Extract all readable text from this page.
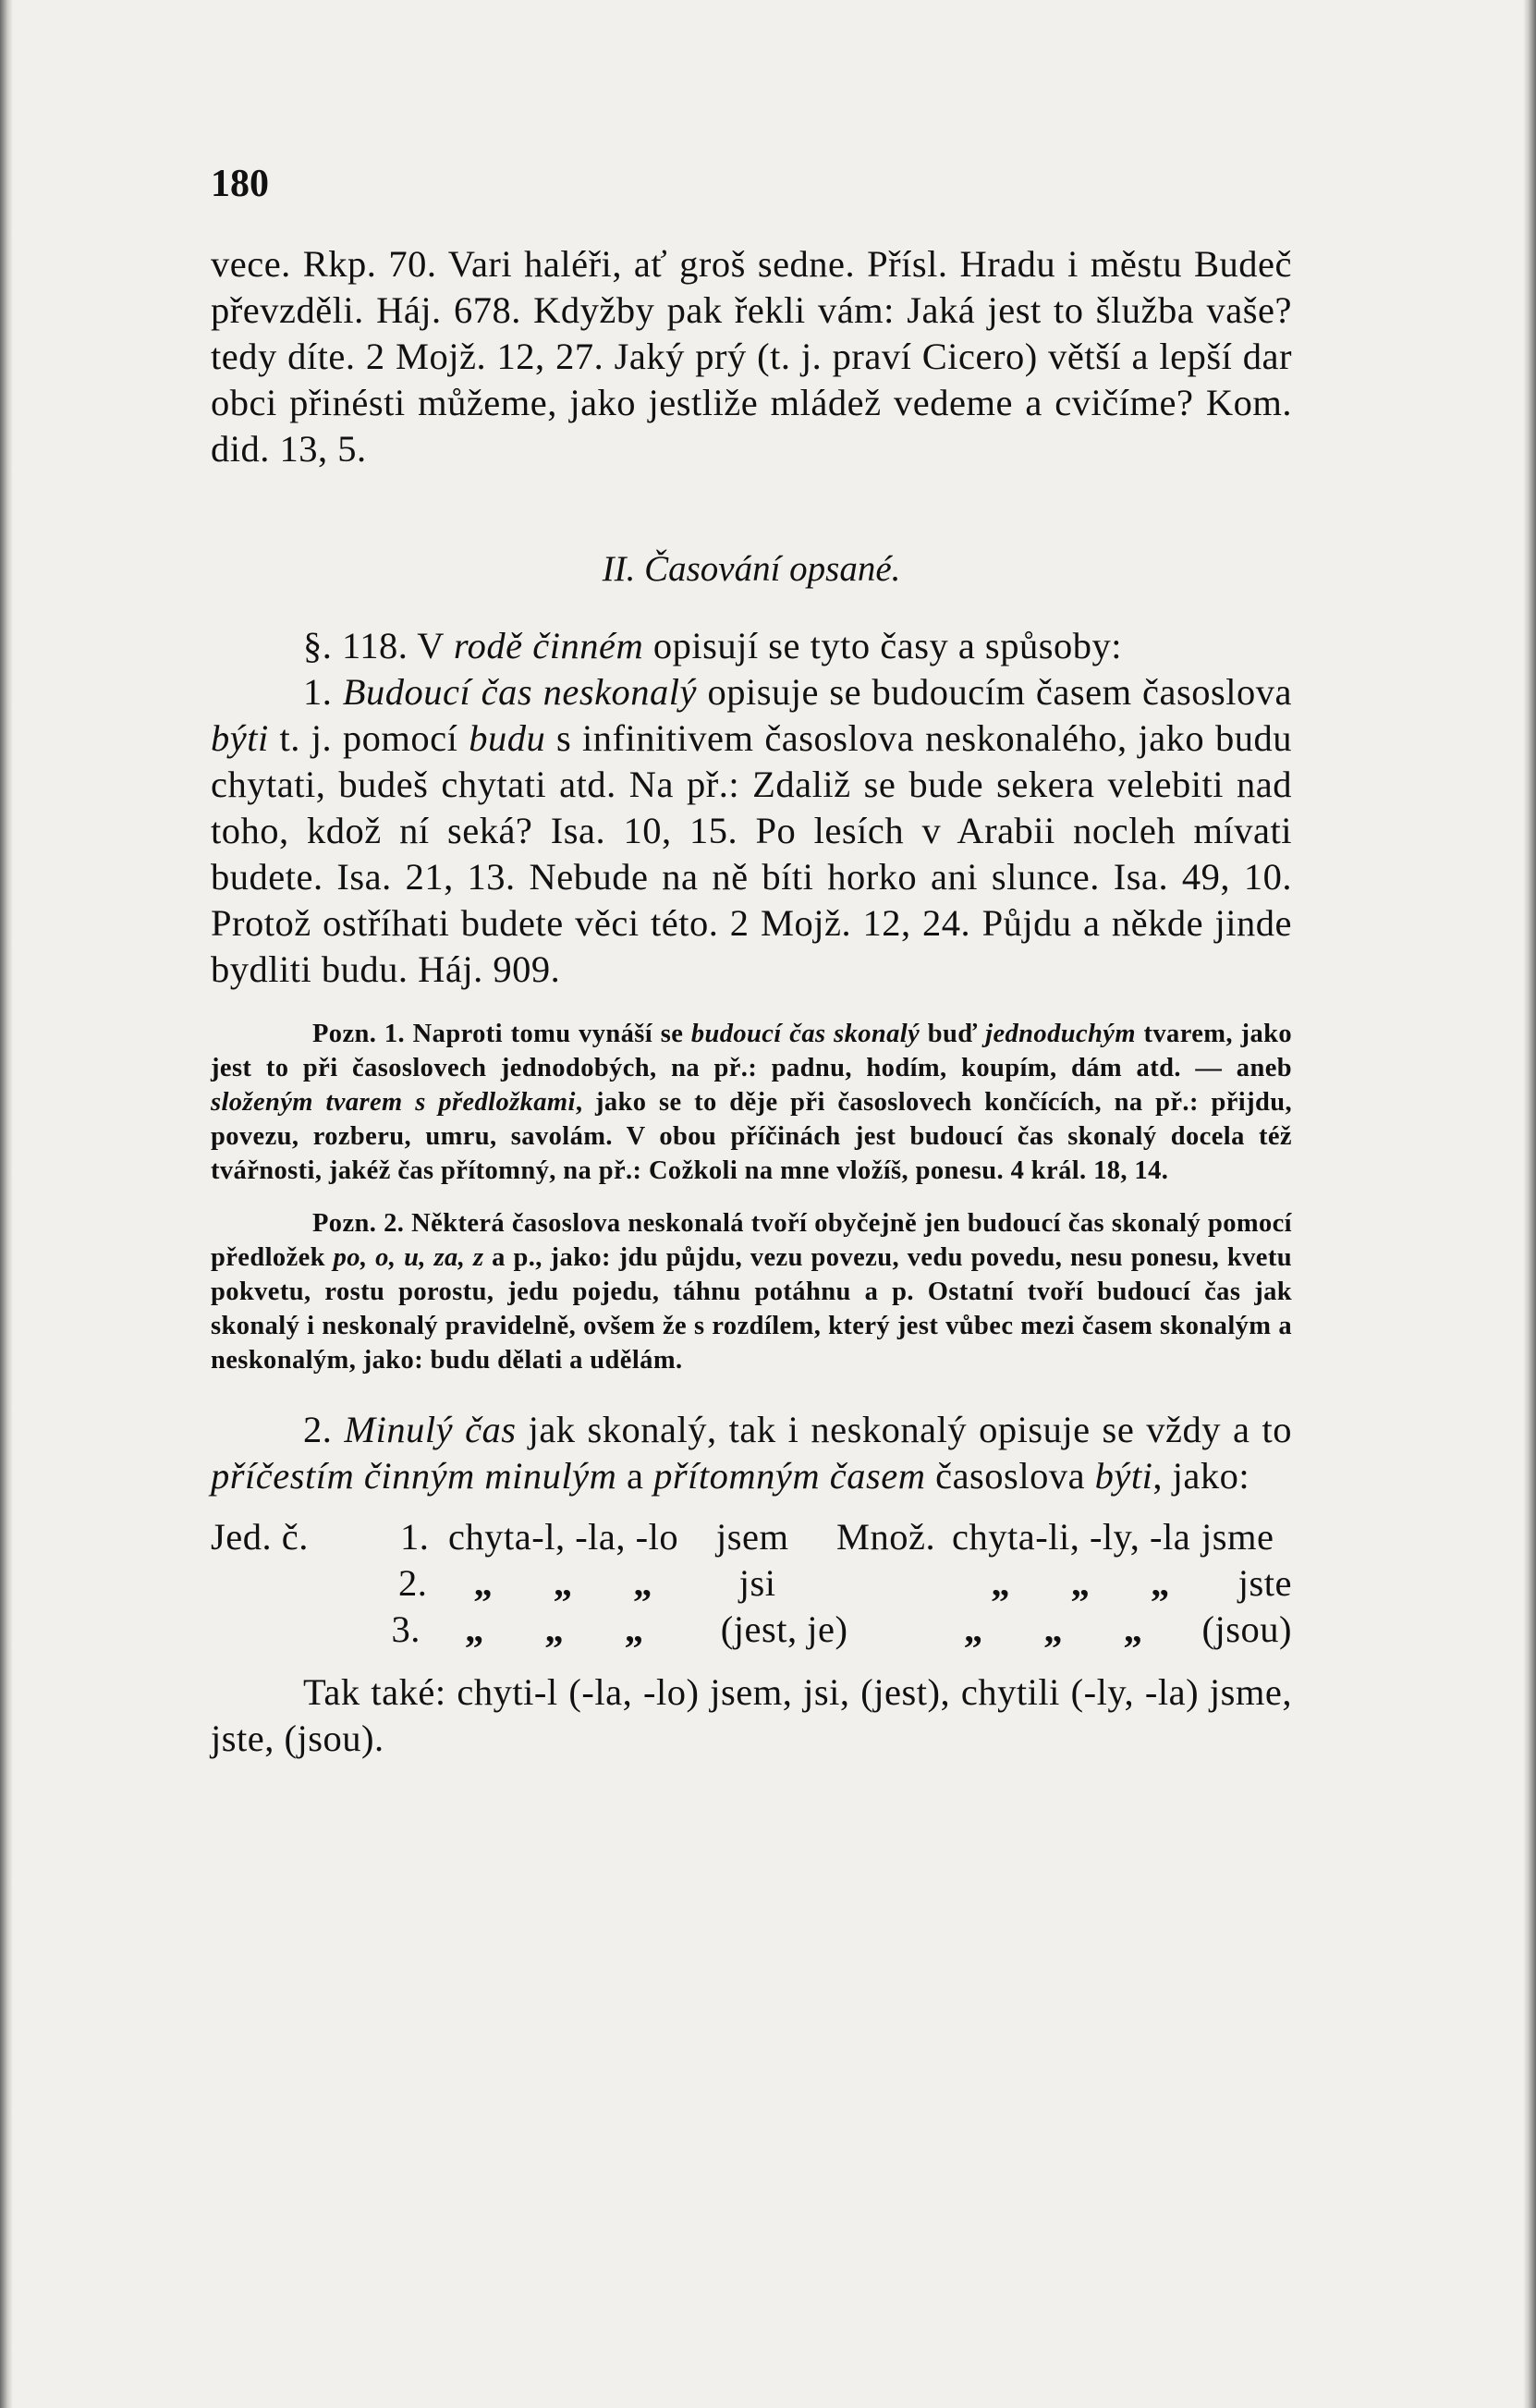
180

vece. Rkp. 70. Vari haléři, ať groš sedne. Přísl. Hradu i městu Budeč převzděli. Háj. 678. Kdyžby pak řekli vám: Jaká jest to šlužba vaše? tedy díte. 2 Mojž. 12, 27. Jaký prý (t. j. praví Cicero) větší a lepší dar obci přinésti můžeme, jako jestliže mládež vedeme a cvičíme? Kom. did. 13, 5.

II. Časování opsané.

§. 118. V rodě činném opisují se tyto časy a spůsoby:

1. Budoucí čas neskonalý opisuje se budoucím časem časoslova býti t. j. pomocí budu s infinitivem časoslova neskonalého, jako budu chytati, budeš chytati atd. Na př.: Zdaliž se bude sekera velebiti nad toho, kdož ní seká? Isa. 10, 15. Po lesích v Arabii nocleh mívati budete. Isa. 21, 13. Nebude na ně bíti horko ani slunce. Isa. 49, 10. Protož ostříhati budete věci této. 2 Mojž. 12, 24. Půjdu a někde jinde bydliti budu. Háj. 909.

Pozn. 1. Naproti tomu vynáší se budoucí čas skonalý buď jednoduchým tvarem, jako jest to při časoslovech jednodobých, na př.: padnu, hodím, koupím, dám atd. — aneb složeným tvarem s předložkami, jako se to děje při časoslovech končících, na př.: přijdu, povezu, rozberu, umru, savolám. V obou příčinách jest budoucí čas skonalý docela též tvářnosti, jakéž čas přítomný, na př.: Cožkoli na mne vložíš, ponesu. 4 král. 18, 14.

Pozn. 2. Některá časoslova neskonalá tvoří obyčejně jen budoucí čas skonalý pomocí předložek po, o, u, za, z a p., jako: jdu půjdu, vezu povezu, vedu povedu, nesu ponesu, kvetu pokvetu, rostu porostu, jedu pojedu, táhnu potáhnu a p. Ostatní tvoří budoucí čas jak skonalý i neskonalý pravidelně, ovšem že s rozdílem, který jest vůbec mezi časem skonalým a neskonalým, jako: budu dělati a udělám.

2. Minulý čas jak skonalý, tak i neskonalý opisuje se vždy a to příčestím činným minulým a přítomným časem časoslova býti, jako:

Jed. č.	1. chyta-l, -la, -lo	jsem	Množ. chyta-li, -ly, -la jsme
2.	„ „ „	jsi	„ „ „	jste
3.	„ „ „	(jest, je)	„ „ „ (jsou)

Tak také: chyti-l (-la, -lo) jsem, jsi, (jest), chytili (-ly, -la) jsme, jste, (jsou).
